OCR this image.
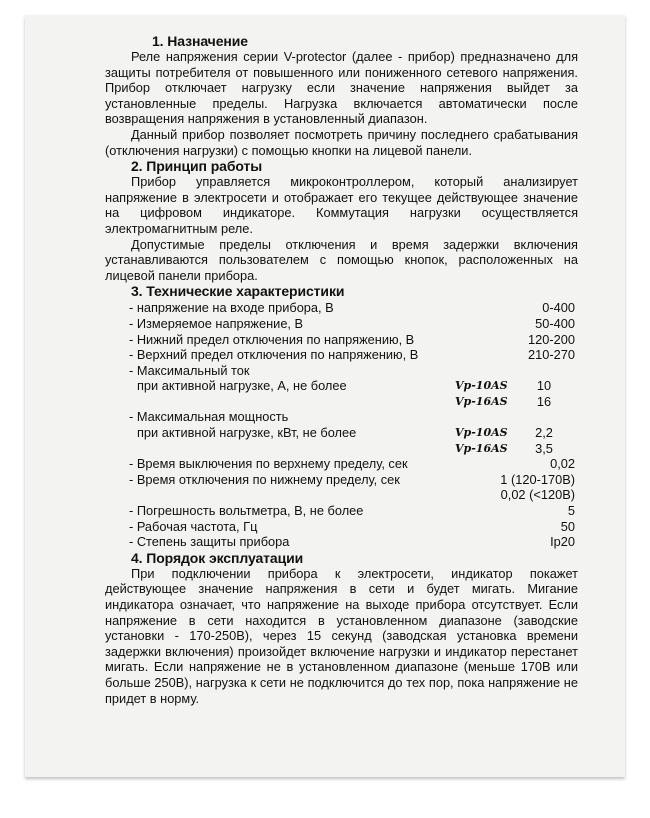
1. Назначение

Реле напряжения серии V-protector (далее - прибор) предназначено для защиты потребителя от повышенного или пониженного сетевого напряжения. Прибор отключает нагрузку если значение напряжения выйдет за установленные пределы. Нагрузка включается автоматически после возвращения напряжения в установленный диапазон.

Данный прибор позволяет посмотреть причину последнего срабатывания (отключения нагрузки) с помощью кнопки на лицевой панели.

2. Принцип работы

Прибор управляется микроконтроллером, который анализирует напряжение в электросети и отображает его текущее действующее значение на цифровом индикаторе. Коммутация нагрузки осуществляется электромагнитным реле.

Допустимые пределы отключения и время задержки включения устанавливаются пользователем с помощью кнопок, расположенных на лицевой панели прибора.

3. Технические характеристики
- напряжение на входе прибора, В	0-400
- Измеряемое напряжение, В	50-400
- Нижний предел отключения по напряжению, В	120-200
- Верхний предел отключения по напряжению, В	210-270
- Максимальный ток
при активной нагрузке, А, не более	Vp-10AS	10
Vp-16AS	16
- Максимальная мощность
при активной нагрузке, кВт, не более	Vp-10AS	2,2
Vp-16AS	3,5
- Время выключения по верхнему пределу, сек	0,02
- Время отключения по нижнему пределу, сек	1 (120-170В)
0,02 (<120В)
- Погрешность вольтметра, В, не более	5
- Рабочая частота, Гц	50
- Степень защиты прибора	Ip20
4. Порядок эксплуатации

При подключении прибора к электросети, индикатор покажет действующее значение напряжения в сети и будет мигать. Мигание индикатора означает, что напряжение на выходе прибора отсутствует. Если напряжение в сети находится в установленном диапазоне (заводские установки - 170-250В), через 15 секунд (заводская установка времени задержки включения) произойдет включение нагрузки и индикатор перестанет мигать. Если напряжение не в установленном диапазоне (меньше 170В или больше 250В), нагрузка к сети не подключится до тех пор, пока напряжение не придет в норму.
